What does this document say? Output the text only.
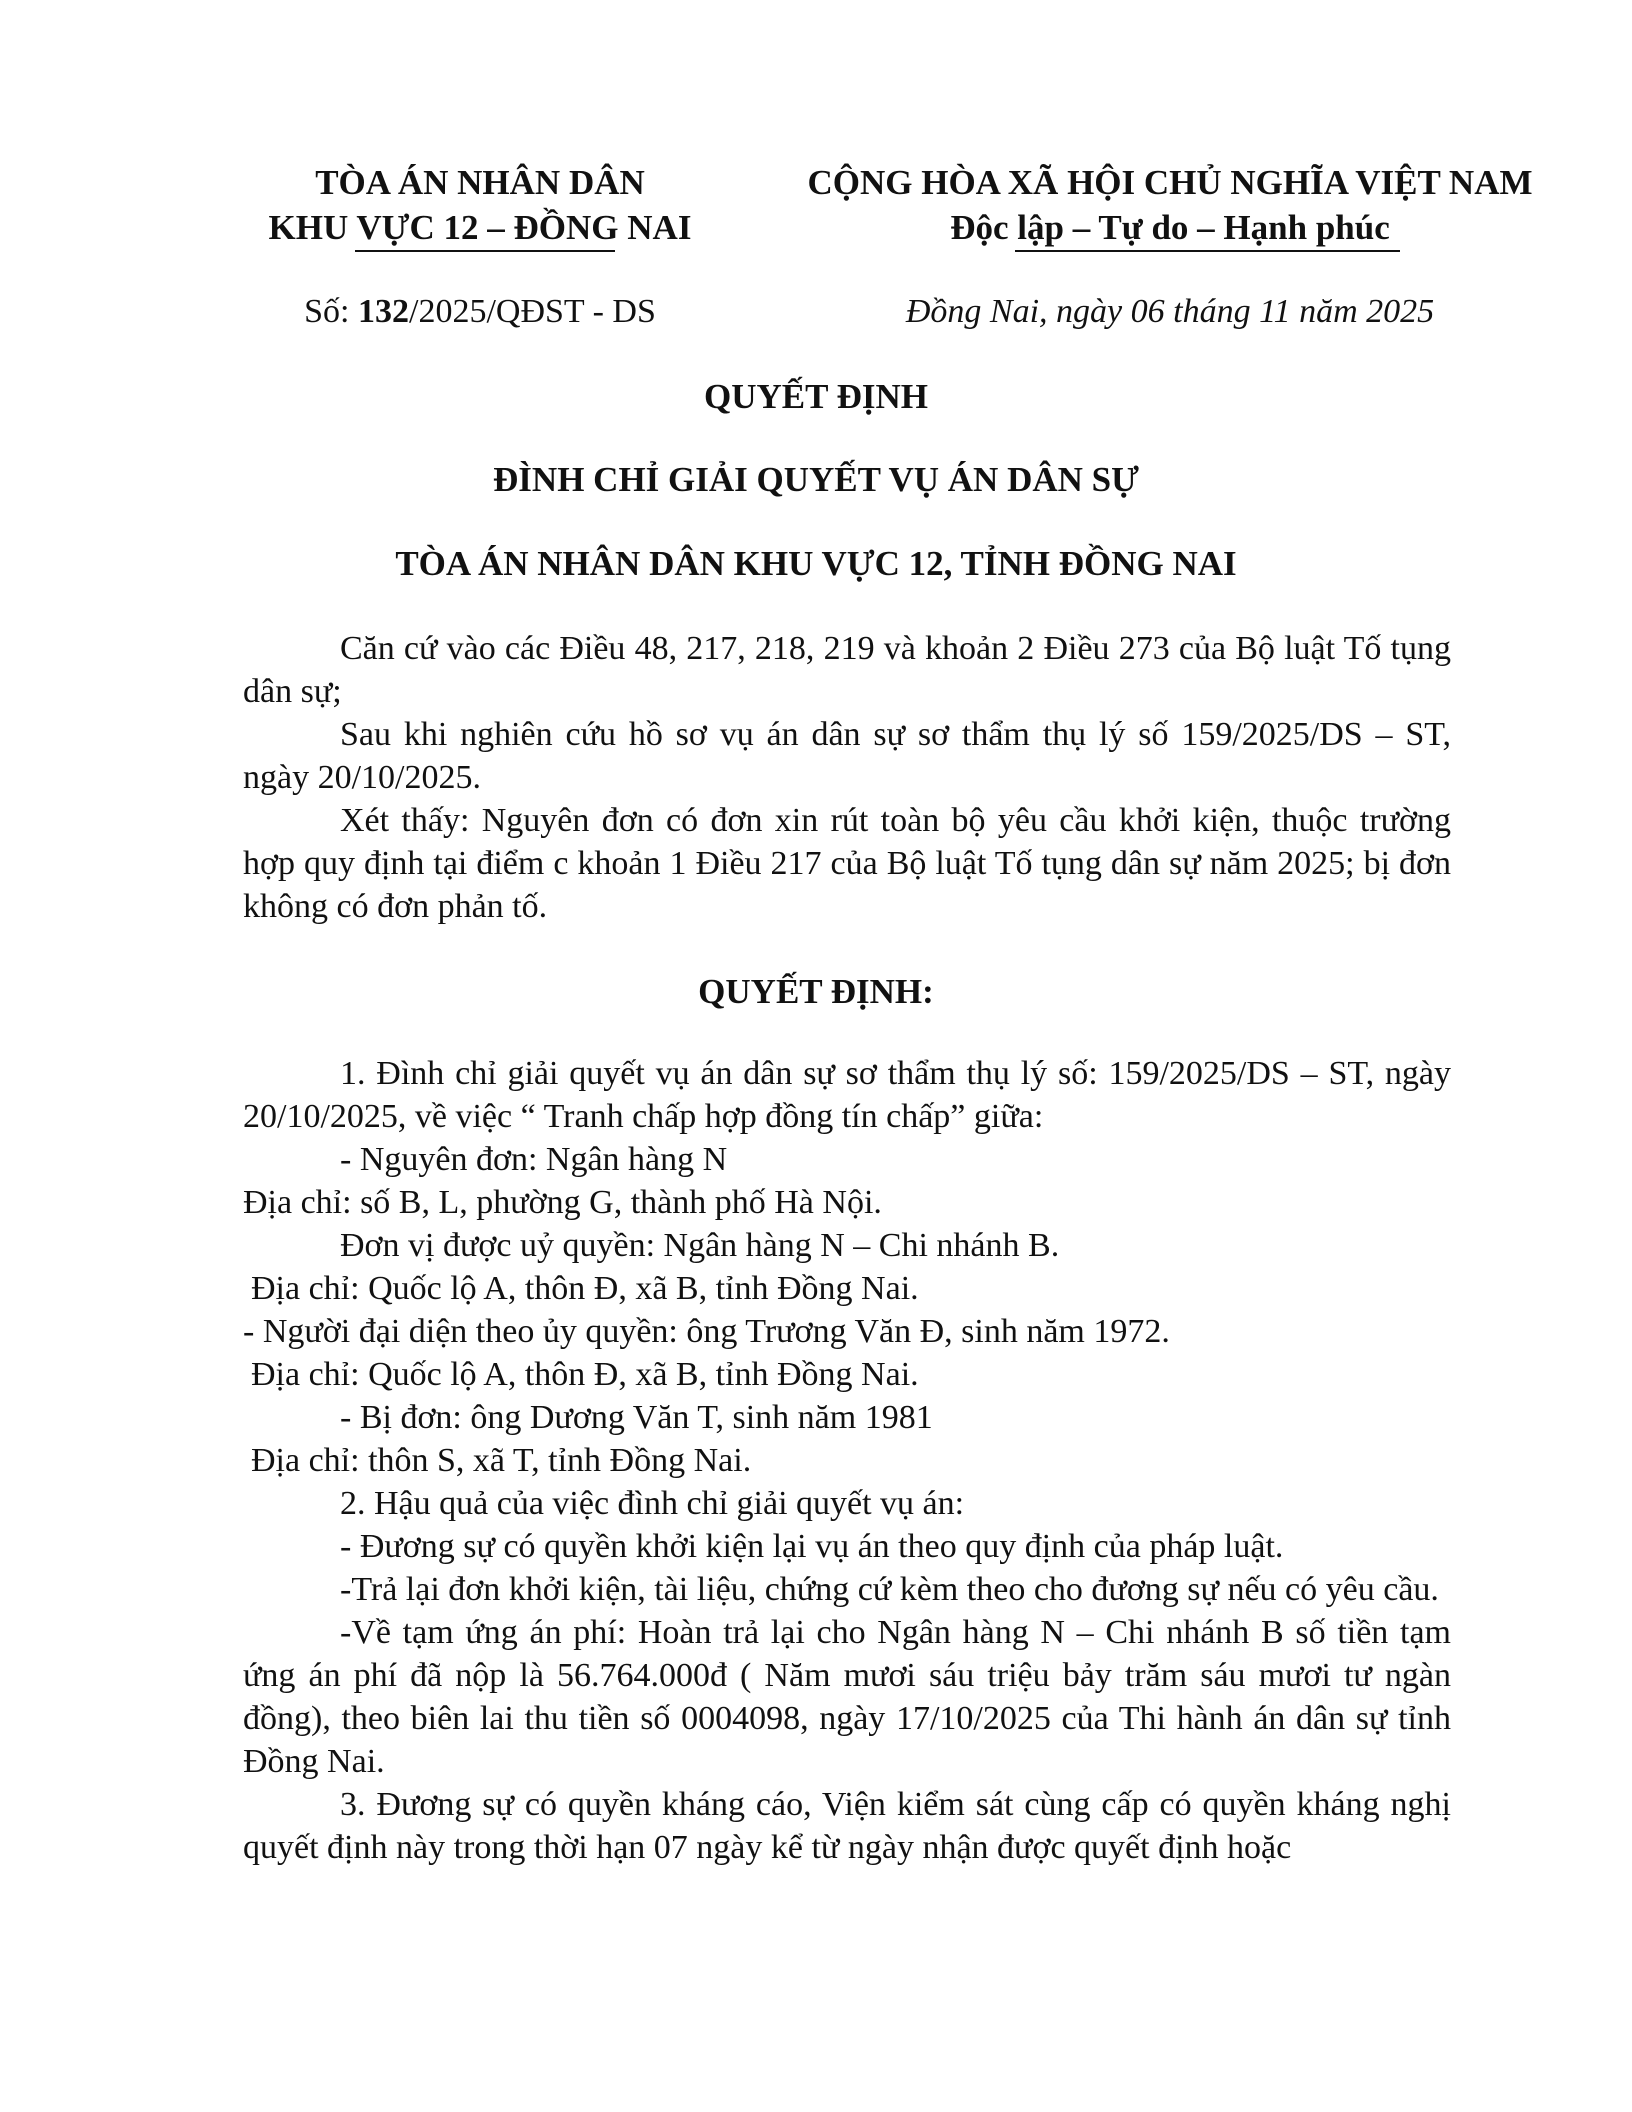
TÒA ÁN NHÂN DÂN
KHU VỰC 12 – ĐỒNG NAI
CỘNG HÒA XÃ HỘI CHỦ NGHĨA VIỆT NAM
Độc lập – Tự do – Hạnh phúc
Số: 132/2025/QĐST - DS	Đồng Nai, ngày 06 tháng 11 năm 2025
QUYẾT ĐỊNH
ĐÌNH CHỈ GIẢI QUYẾT VỤ ÁN DÂN SỰ
TÒA ÁN NHÂN DÂN KHU VỰC 12, TỈNH ĐỒNG NAI

Căn cứ vào các Điều 48, 217, 218, 219 và khoản 2 Điều 273 của Bộ luật Tố tụng dân sự;

Sau khi nghiên cứu hồ sơ vụ án dân sự sơ thẩm thụ lý số 159/2025/DS – ST, ngày 20/10/2025.

Xét thấy: Nguyên đơn có đơn xin rút toàn bộ yêu cầu khởi kiện, thuộc trường hợp quy định tại điểm c khoản 1 Điều 217 của Bộ luật Tố tụng dân sự năm 2025; bị đơn không có đơn phản tố.

QUYẾT ĐỊNH:

1. Đình chỉ giải quyết vụ án dân sự sơ thẩm thụ lý số: 159/2025/DS – ST, ngày 20/10/2025, về việc “ Tranh chấp hợp đồng tín chấp” giữa:

- Nguyên đơn: Ngân hàng N

Địa chỉ: số B, L, phường G, thành phố Hà Nội.

Đơn vị được uỷ quyền: Ngân hàng N – Chi nhánh B.

Địa chỉ: Quốc lộ A, thôn Đ, xã B, tỉnh Đồng Nai.

- Người đại diện theo ủy quyền: ông Trương Văn Đ, sinh năm 1972.

Địa chỉ: Quốc lộ A, thôn Đ, xã B, tỉnh Đồng Nai.

- Bị đơn: ông Dương Văn T, sinh năm 1981

Địa chỉ: thôn S, xã T, tỉnh Đồng Nai.

2. Hậu quả của việc đình chỉ giải quyết vụ án:

- Đương sự có quyền khởi kiện lại vụ án theo quy định của pháp luật.

-Trả lại đơn khởi kiện, tài liệu, chứng cứ kèm theo cho đương sự nếu có yêu cầu.

-Về tạm ứng án phí: Hoàn trả lại cho Ngân hàng N – Chi nhánh B số tiền tạm ứng án phí đã nộp là 56.764.000đ ( Năm mươi sáu triệu bảy trăm sáu mươi tư ngàn đồng), theo biên lai thu tiền số 0004098, ngày 17/10/2025 của Thi hành án dân sự tỉnh Đồng Nai.

3. Đương sự có quyền kháng cáo, Viện kiểm sát cùng cấp có quyền kháng nghị quyết định này trong thời hạn 07 ngày kể từ ngày nhận được quyết định hoặc
